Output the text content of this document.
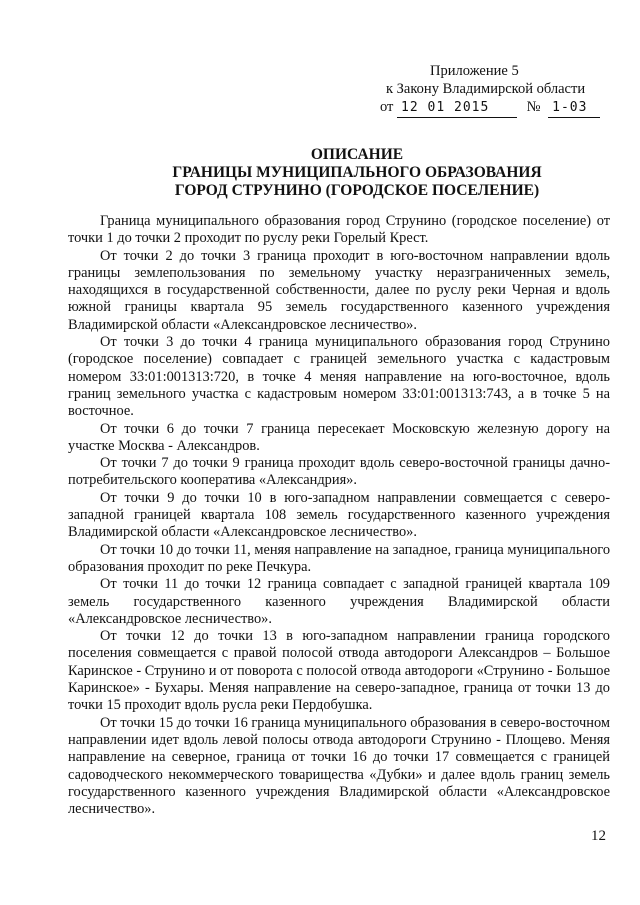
Приложение 5
к Закону Владимирской области
от 12 01 2015	№ 1-03
ОПИСАНИЕ
ГРАНИЦЫ МУНИЦИПАЛЬНОГО ОБРАЗОВАНИЯ
ГОРОД СТРУНИНО (ГОРОДСКОЕ ПОСЕЛЕНИЕ)

Граница муниципального образования город Струнино (городское поселение) от точки 1 до точки 2 проходит по руслу реки Горелый Крест.

От точки 2 до точки 3 граница проходит в юго-восточном направлении вдоль границы землепользования по земельному участку неразграниченных земель, находящихся в государственной собственности, далее по руслу реки Черная и вдоль южной границы квартала 95 земель государственного казенного учреждения Владимирской области «Александровское лесничество».

От точки 3 до точки 4 граница муниципального образования город Струнино (городское поселение) совпадает с границей земельного участка с кадастровым номером 33:01:001313:720, в точке 4 меняя направление на юго-восточное, вдоль границ земельного участка с кадастровым номером 33:01:001313:743, а в точке 5 на восточное.

От точки 6 до точки 7 граница пересекает Московскую железную дорогу на участке Москва - Александров.

От точки 7 до точки 9 граница проходит вдоль северо-восточной границы дачно-потребительского кооператива «Александрия».

От точки 9 до точки 10 в юго-западном направлении совмещается с северо-западной границей квартала 108 земель государственного казенного учреждения Владимирской области «Александровское лесничество».

От точки 10 до точки 11, меняя направление на западное, граница муниципального образования проходит по реке Печкура.

От точки 11 до точки 12 граница совпадает с западной границей квартала 109 земель государственного казенного учреждения Владимирской области «Александровское лесничество».

От точки 12 до точки 13 в юго-западном направлении граница городского поселения совмещается с правой полосой отвода автодороги Александров – Большое Каринское - Струнино и от поворота с полосой отвода автодороги «Струнино - Большое Каринское» - Бухары. Меняя направление на северо-западное, граница от точки 13 до точки 15 проходит вдоль русла реки Пердобушка.

От точки 15 до точки 16 граница муниципального образования в северо-восточном направлении идет вдоль левой полосы отвода автодороги Струнино - Площево. Меняя направление на северное, граница от точки 16 до точки 17 совмещается с границей садоводческого некоммерческого товарищества «Дубки» и далее вдоль границ земель государственного казенного учреждения Владимирской области «Александровское лесничество».

12
